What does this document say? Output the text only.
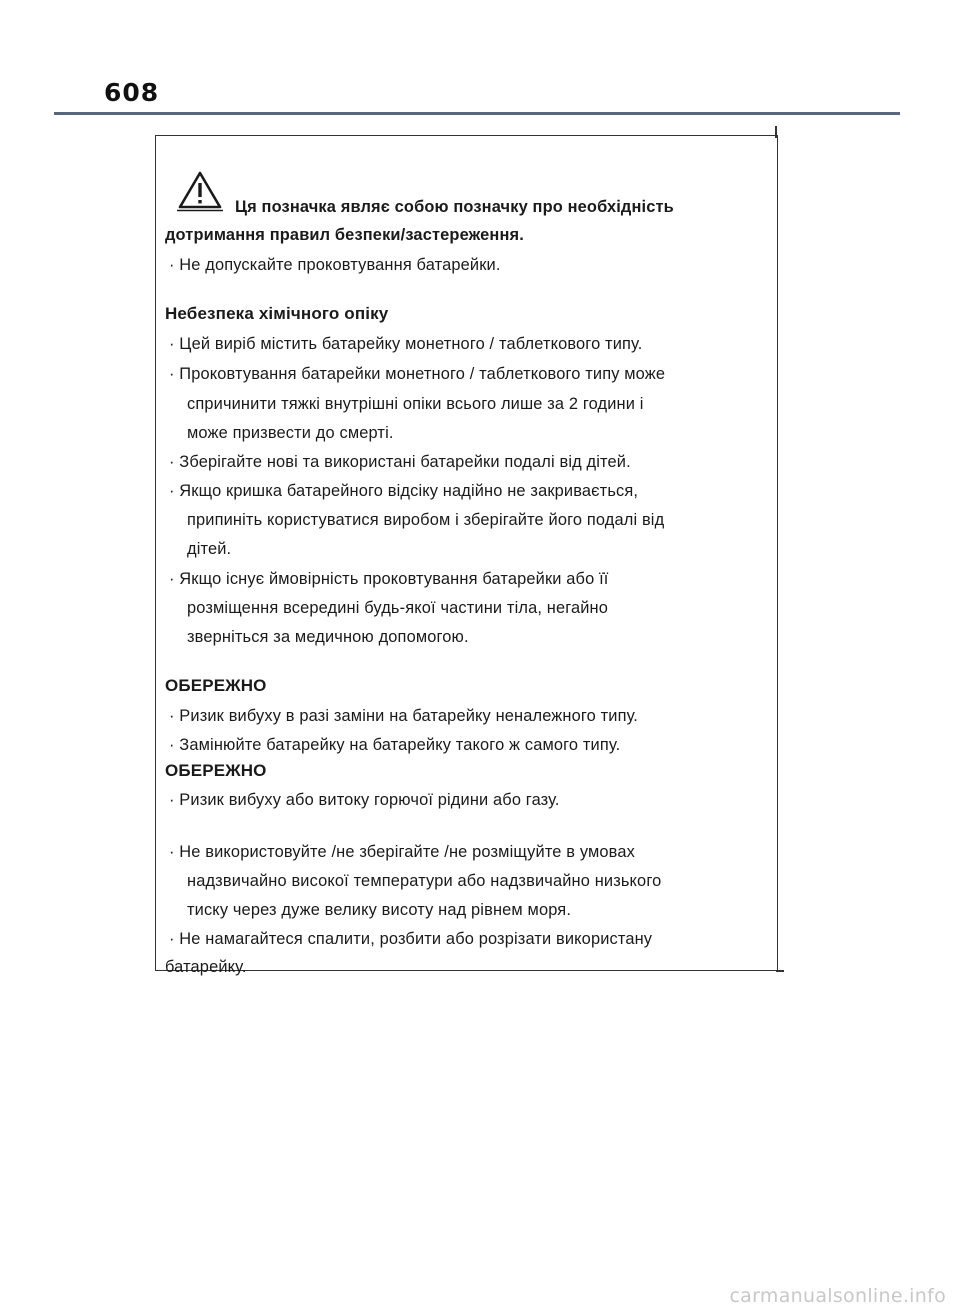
608
Ця позначка являє собою позначку про необхідність
дотримання правил безпеки/застереження.
· Не допускайте проковтування батарейки.
Небезпека хімічного опіку
· Цей виріб містить батарейку монетного / таблеткового типу.
· Проковтування батарейки монетного / таблеткового типу може
спричинити тяжкі внутрішні опіки всього лише за 2 години і
може призвести до смерті.
· Зберігайте нові та використані батарейки подалі від дітей.
· Якщо кришка батарейного відсіку надійно не закривається,
припиніть користуватися виробом і зберігайте його подалі від
дітей.
· Якщо існує ймовірність проковтування батарейки або її
розміщення всередині будь-якої частини тіла, негайно
зверніться за медичною допомогою.
ОБЕРЕЖНО
· Ризик вибуху в разі заміни на батарейку неналежного типу.
· Замінюйте батарейку на батарейку такого ж самого типу.
ОБЕРЕЖНО
· Ризик вибуху або витоку горючої рідини або газу.
· Не використовуйте /не зберігайте /не розміщуйте в умовах
надзвичайно високої температури або надзвичайно низького
тиску через дуже велику висоту над рівнем моря.
· Не намагайтеся спалити, розбити або розрізати використану
батарейку.
carmanualsonline.info
